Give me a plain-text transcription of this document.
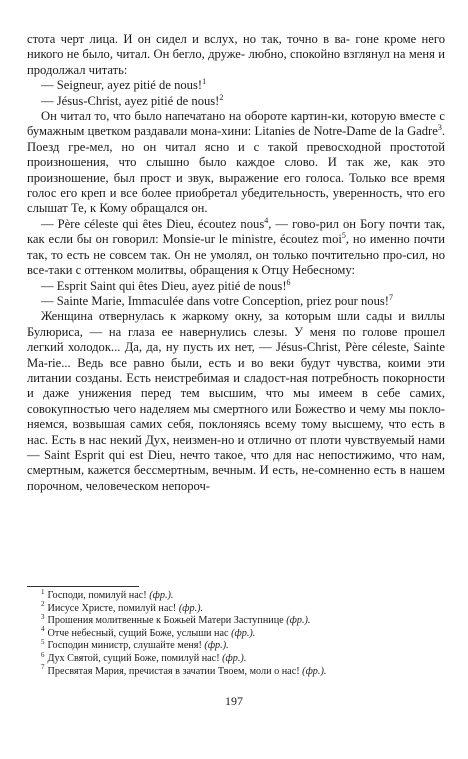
стота черт лица. И он сидел и вслух, но так, точно в ва- гоне кроме него никого не было, читал. Он бегло, друже- любно, спокойно взглянул на меня и продолжал читать:

— Seigneur, ayez pitié de nous!$^1$

— Jésus-Christ, ayez pitié de nous!$^2$

Он читал то, что было напечатано на обороте картин-ки, которую вместе с бумажным цветком раздавали мона-хини: Litanies de Notre-Dame de la Gadre$^3$. Поезд гре-мел, но он читал ясно и с такой превосходной простотой произношения, что слышно было каждое слово. И так же, как это произношение, был прост и звук, выражение его голоса. Только все время голос его креп и все более приобретал убедительность, уверенность, что его слышат Те, к Кому обращался он.

— Père céleste qui êtes Dieu, écoutez nous$^4$, — гово-рил он Богу почти так, как если бы он говорил: Monsie-ur le ministre, écoutez moi$^5$, но именно почти так, то есть не совсем так. Он не умолял, он только почтительно про-сил, но все-таки с оттенком молитвы, обращения к Отцу Небесному:

— Esprit Saint qui êtes Dieu, ayez pitié de nous!$^6$

— Sainte Marie, Immaculée dans votre Conception, priez pour nous!$^7$

Женщина отвернулась к жаркому окну, за которым шли сады и виллы Булюриса, — на глаза ее навернулись слезы. У меня по голове прошел легкий холодок... Да, да, ну пусть их нет, — Jésus-Christ, Père céleste, Sainte Ma-rie... Ведь все равно были, есть и во веки будут чувства, коими эти литании созданы. Есть неистребимая и сладост-ная потребность покорности и даже унижения перед тем высшим, что мы имеем в себе самих, совокупностью чего наделяем мы смертного или Божество и чему мы покло-няемся, возвышая самих себя, поклоняясь всему тому высшему, что есть в нас. Есть в нас некий Дух, неизмен-но и отлично от плоти чувствуемый нами — Saint Esprit qui est Dieu, нечто такое, что для нас непостижимо, что нам, смертным, кажется бессмертным, вечным. И есть, не-сомненно есть в нашем порочном, человеческом непороч-

$^1$ Господи, помилуй нас! (фр.).

$^2$ Иисусе Христе, помилуй нас! (фр.).

$^3$ Прошения молитвенные к Божьей Матери Заступнице (фр.).

$^4$ Отче небесный, сущий Боже, услыши нас (фр.).

$^5$ Господин министр, слушайте меня! (фр.).

$^6$ Дух Святой, сущий Боже, помилуй нас! (фр.).

$^7$ Пресвятая Мария, пречистая в зачатии Твоем, моли о нас! (фр.).

197
